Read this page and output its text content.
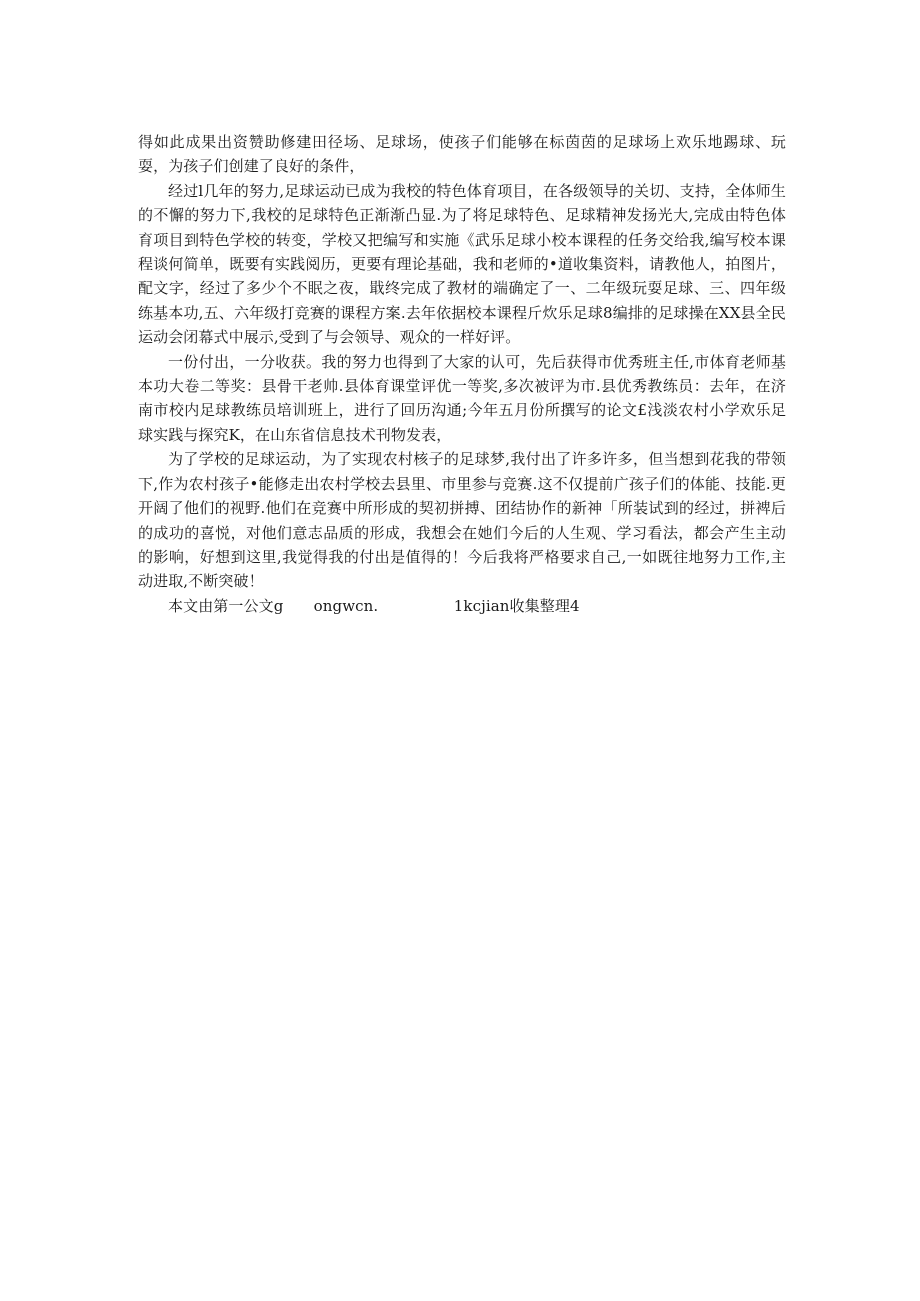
得如此成果出资赞助修建田径场、足球场，使孩子们能够在标茵茵的足球场上欢乐地踢球、玩耍，为孩子们创建了良好的条件，

经过l几年的努力,足球运动已成为我校的特色体育项目，在各级领导的关切、支持，全体师生的不懈的努力下,我校的足球特色正渐渐凸显.为了将足球特色、足球精神发扬光大,完成由特色体育项目到特色学校的转变，学校又把编写和实施《武乐足球小校本课程的任务交给我,编写校本课程谈何简单，既要有实践阅历，更要有理论基础，我和老师的•道收集资料，请教他人，拍图片，配文字，经过了多少个不眠之夜，戢终完成了教材的端确定了一、二年级玩耍足球、三、四年级练基本功,五、六年级打竞赛的课程方案.去年依据校本课程斤炊乐足球8编排的足球操在XX县全民运动会闭幕式中展示,受到了与会领导、观众的一样好评。

一份付出，一分收获。我的努力也得到了大家的认可，先后获得市优秀班主任,市体育老师基本功大卷二等奖：县骨干老帅.县体育课堂评优一等奖,多次被评为市.县优秀教练员：去年，在济南市校内足球教练员培训班上，进行了回历沟通;今年五月份所撰写的论文£浅淡农村小学欢乐足球实践与探究K，在山东省信息技术刊物发表，

为了学校的足球运动，为了实现农村核子的足球梦,我付出了许多许多，但当想到花我的带领下,作为农村孩子•能修走出农村学校去县里、市里参与竞赛.这不仅提前广孩子们的体能、技能.更开阔了他们的视野.他们在竞赛中所形成的契初拼搏、团结协作的新神「所装试到的经过，拼裨后的成功的喜悦，对他们意志品质的形成，我想会在她们今后的人生观、学习看法，都会产生主动的影响，好想到这里,我觉得我的付出是值得的！今后我将严格要求自己,一如既往地努力工作,主动进取,不断突破！

本文由第一公文g　　ongwcn.　　　　　1kcjian收集整理4
